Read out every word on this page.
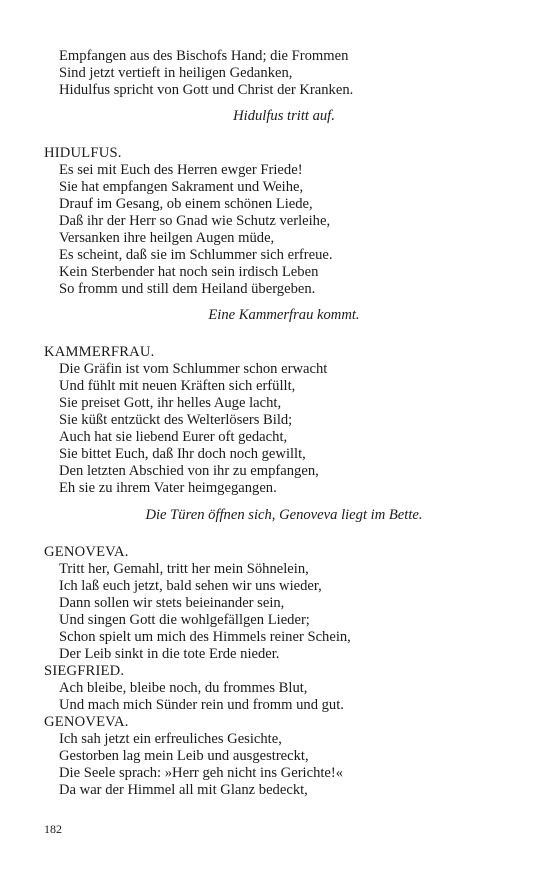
Empfangen aus des Bischofs Hand; die Frommen
Sind jetzt vertieft in heiligen Gedanken,
Hidulfus spricht von Gott und Christ der Kranken.
Hidulfus tritt auf.
HIDULFUS.
Es sei mit Euch des Herren ewger Friede!
Sie hat empfangen Sakrament und Weihe,
Drauf im Gesang, ob einem schönen Liede,
Daß ihr der Herr so Gnad wie Schutz verleihe,
Versanken ihre heilgen Augen müde,
Es scheint, daß sie im Schlummer sich erfreue.
Kein Sterbender hat noch sein irdisch Leben
So fromm und still dem Heiland übergeben.
Eine Kammerfrau kommt.
KAMMERFRAU.
Die Gräfin ist vom Schlummer schon erwacht
Und fühlt mit neuen Kräften sich erfüllt,
Sie preiset Gott, ihr helles Auge lacht,
Sie küßt entzückt des Welterlösers Bild;
Auch hat sie liebend Eurer oft gedacht,
Sie bittet Euch, daß Ihr doch noch gewillt,
Den letzten Abschied von ihr zu empfangen,
Eh sie zu ihrem Vater heimgegangen.
Die Türen öffnen sich, Genoveva liegt im Bette.
GENOVEVA.
Tritt her, Gemahl, tritt her mein Söhnelein,
Ich laß euch jetzt, bald sehen wir uns wieder,
Dann sollen wir stets beieinander sein,
Und singen Gott die wohlgefällgen Lieder;
Schon spielt um mich des Himmels reiner Schein,
Der Leib sinkt in die tote Erde nieder.
SIEGFRIED.
Ach bleibe, bleibe noch, du frommes Blut,
Und mach mich Sünder rein und fromm und gut.
GENOVEVA.
Ich sah jetzt ein erfreuliches Gesichte,
Gestorben lag mein Leib und ausgestreckt,
Die Seele sprach: »Herr geh nicht ins Gerichte!«
Da war der Himmel all mit Glanz bedeckt,
182
